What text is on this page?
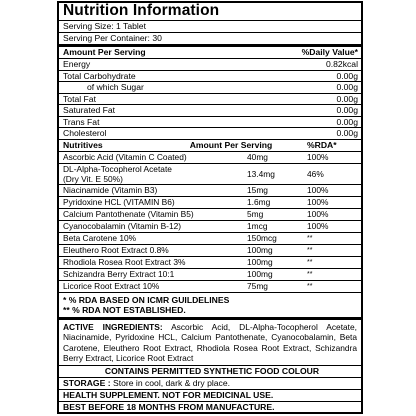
Nutrition Information
Serving Size: 1 Tablet
Serving Per Container: 30
Amount Per Serving	%Daily Value*
Energy	0.82kcal
Total Carbohydrate	0.00g
of which Sugar	0.00g
Total Fat	0.00g
Saturated Fat	0.00g
Trans Fat	0.00g
Cholesterol	0.00g
Nutritives	Amount Per Serving	%RDA*
Ascorbic Acid (Vitamin C Coated)	40mg	100%
DL-Alpha-Tocopherol Acetate
(Dry Vit. E 50%)	13.4mg	46%
Niacinamide (Vitamin B3)	15mg	100%
Pyridoxine HCL (VITAMIN B6)	1.6mg	100%
Calcium Pantothenate (Vitamin B5)	5mg	100%
Cyanocobalamin (Vitamin B-12)	1mcg	100%
Beta Carotene 10%	150mcg	**
Eleuthero Root Extract 0.8%	100mg	**
Rhodiola Rosea Root Extract 3%	100mg	**
Schizandra Berry Extract 10:1	100mg	**
Licorice Root Extract 10%	75mg	**
* % RDA BASED ON ICMR GUILDELINES
** % RDA NOT ESTABLISHED.
ACTIVE INGREDIENTS: Ascorbic Acid, DL-Alpha-Tocopherol Acetate, Niacinamide, Pyridoxine HCL, Calcium Pantothenate, Cyanocobalamin, Beta Carotene, Eleuthero Root Extract, Rhodiola Rosea Root Extract, Schizandra Berry Extract, Licorice Root Extract
CONTAINS PERMITTED SYNTHETIC FOOD COLOUR
STORAGE : Store in cool, dark & dry place.
HEALTH SUPPLEMENT. NOT FOR MEDICINAL USE.
BEST BEFORE 18 MONTHS FROM MANUFACTURE.
